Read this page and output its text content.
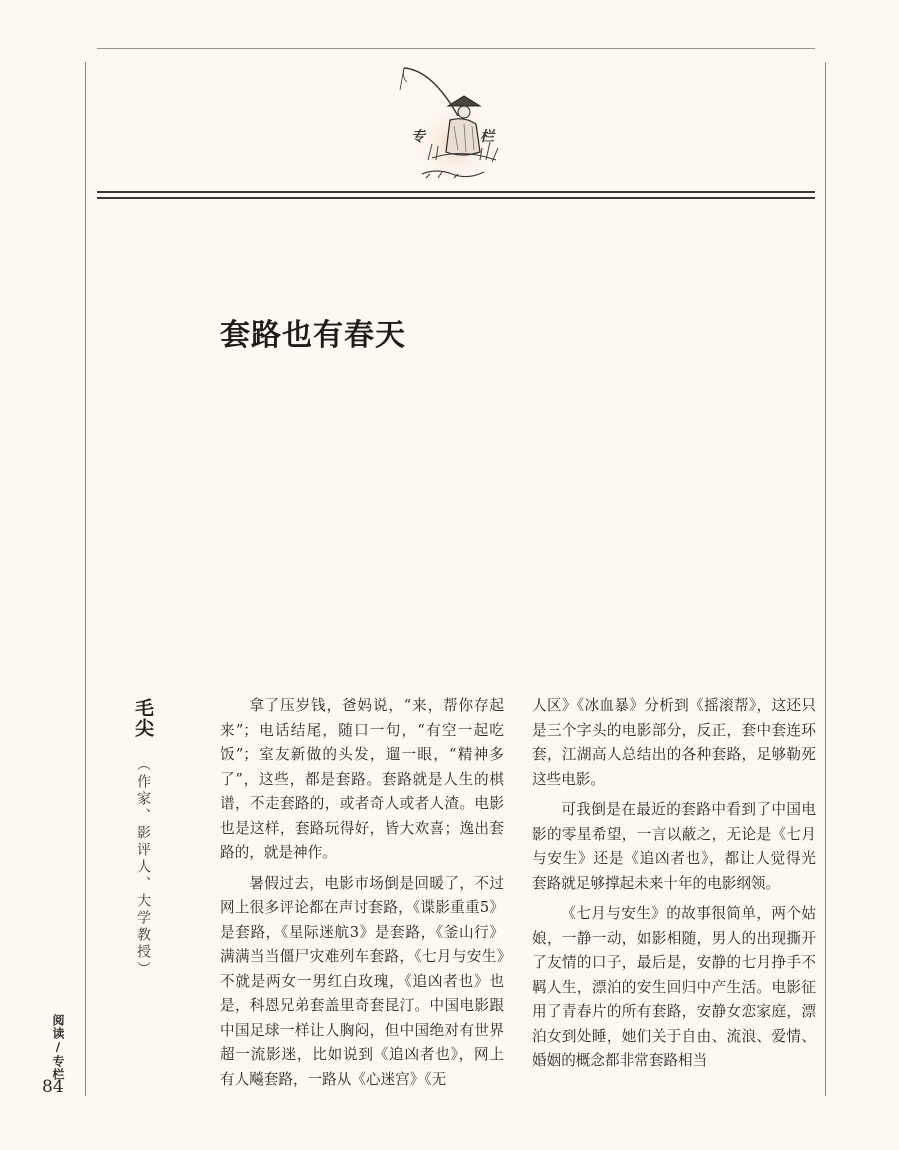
专	栏
套路也有春天
毛尖 （作家、影评人、大学教授）

拿了压岁钱，爸妈说，“来，帮你存起来”；电话结尾，随口一句，“有空一起吃饭”；室友新做的头发，遛一眼，“精神多了”，这些，都是套路。套路就是人生的棋谱，不走套路的，或者奇人或者人渣。电影也是这样，套路玩得好，皆大欢喜；逸出套路的，就是神作。

暑假过去，电影市场倒是回暖了，不过网上很多评论都在声讨套路，《谍影重重5》是套路，《星际迷航3》是套路，《釜山行》满满当当僵尸灾难列车套路，《七月与安生》不就是两女一男红白玫瑰，《追凶者也》也是，科恩兄弟套盖里奇套昆汀。中国电影跟中国足球一样让人胸闷，但中国绝对有世界超一流影迷，比如说到《追凶者也》，网上有人飚套路，一路从《心迷宫》《无

人区》《冰血暴》分析到《摇滚帮》，这还只是三个字头的电影部分，反正，套中套连环套，江湖高人总结出的各种套路，足够勒死这些电影。

可我倒是在最近的套路中看到了中国电影的零星希望，一言以蔽之，无论是《七月与安生》还是《追凶者也》，都让人觉得光套路就足够撑起未来十年的电影纲领。

《七月与安生》的故事很简单，两个姑娘，一静一动，如影相随，男人的出现撕开了友情的口子，最后是，安静的七月挣手不羁人生，漂泊的安生回归中产生活。电影征用了青春片的所有套路，安静女恋家庭，漂泊女到处睡，她们关于自由、流浪、爱情、婚姻的概念都非常套路相当

阅读/专栏
84
